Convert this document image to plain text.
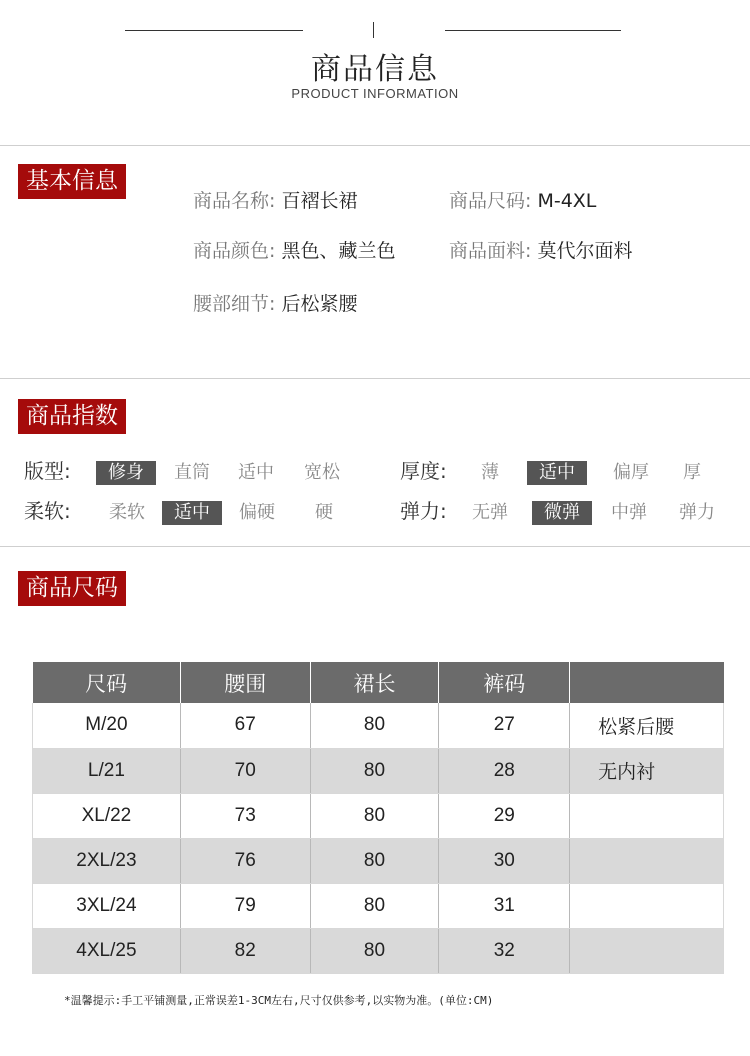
商品信息
PRODUCT INFORMATION
基本信息
商品名称: 百褶长裙	商品尺码: M-4XL
商品颜色: 黑色、藏兰色	商品面料: 莫代尔面料
腰部细节: 后松紧腰
商品指数
版型:	修身	直筒	适中	宽松	厚度:	薄	适中	偏厚	厚
柔软:	柔软	适中	偏硬	硬	弹力:	无弹	微弹	中弹	弹力
商品尺码
尺码	腰围	裙长	裤码	
M/20	67	80	27	松紧后腰
L/21	70	80	28	无内衬
XL/22	73	80	29	
2XL/23	76	80	30	
3XL/24	79	80	31	
4XL/25	82	80	32	
*温馨提示:手工平铺测量,正常误差1-3CM左右,尺寸仅供参考,以实物为准。(单位:CM)
